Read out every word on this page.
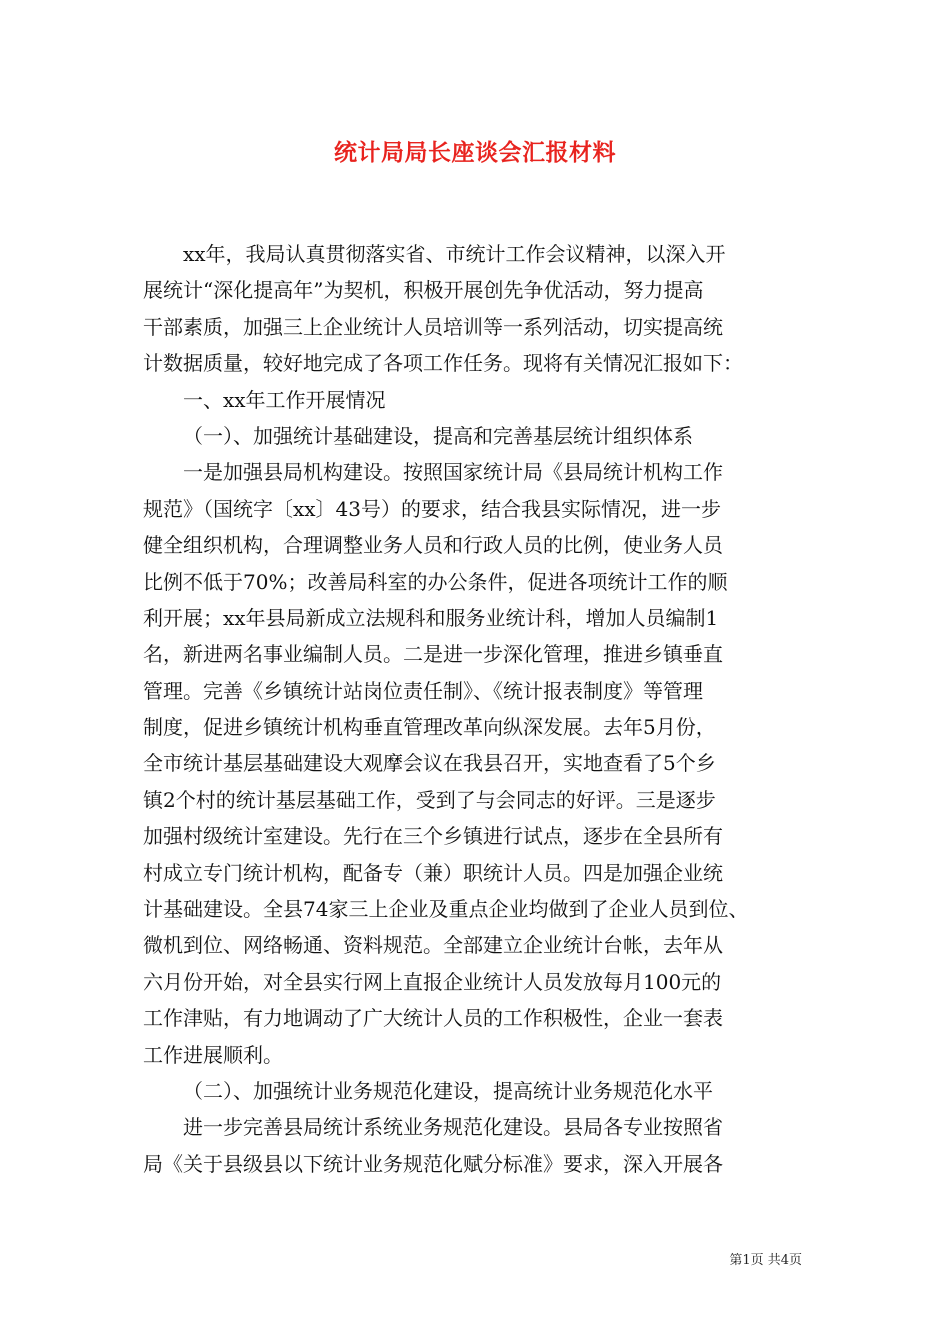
统计局局长座谈会汇报材料
xx年，我局认真贯彻落实省、市统计工作会议精神，以深入开
展统计“深化提高年”为契机，积极开展创先争优活动，努力提高
干部素质，加强三上企业统计人员培训等一系列活动，切实提高统
计数据质量，较好地完成了各项工作任务。现将有关情况汇报如下：
一、xx年工作开展情况
（一）、加强统计基础建设，提高和完善基层统计组织体系
一是加强县局机构建设。按照国家统计局《县局统计机构工作
规范》（国统字〔xx〕43号）的要求，结合我县实际情况，进一步
健全组织机构，合理调整业务人员和行政人员的比例，使业务人员
比例不低于70%；改善局科室的办公条件，促进各项统计工作的顺
利开展；xx年县局新成立法规科和服务业统计科，增加人员编制1
名，新进两名事业编制人员。二是进一步深化管理，推进乡镇垂直
管理。完善《乡镇统计站岗位责任制》、《统计报表制度》等管理
制度，促进乡镇统计机构垂直管理改革向纵深发展。去年5月份，
全市统计基层基础建设大观摩会议在我县召开，实地查看了5个乡
镇2个村的统计基层基础工作，受到了与会同志的好评。三是逐步
加强村级统计室建设。先行在三个乡镇进行试点，逐步在全县所有
村成立专门统计机构，配备专（兼）职统计人员。四是加强企业统
计基础建设。全县74家三上企业及重点企业均做到了企业人员到位、
微机到位、网络畅通、资料规范。全部建立企业统计台帐，去年从
六月份开始，对全县实行网上直报企业统计人员发放每月100元的
工作津贴，有力地调动了广大统计人员的工作积极性，企业一套表
工作进展顺利。
（二）、加强统计业务规范化建设，提高统计业务规范化水平
进一步完善县局统计系统业务规范化建设。县局各专业按照省
局《关于县级县以下统计业务规范化赋分标准》要求，深入开展各
第1页 共4页
